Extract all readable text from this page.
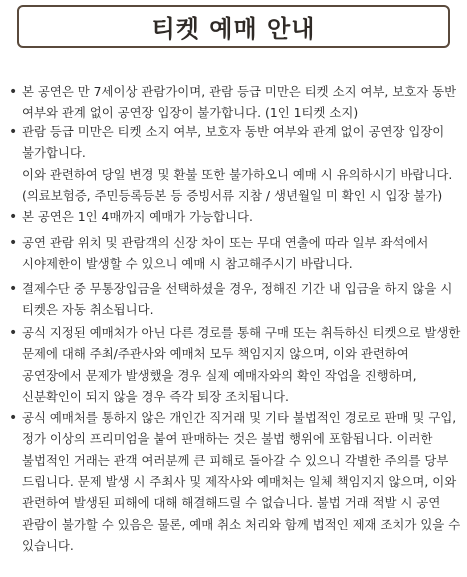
티켓 예매 안내
• 본 공연은 만 7세이상 관람가이며, 관람 등급 미만은 티켓 소지 여부, 보호자 동반
여부와 관계 없이 공연장 입장이 불가합니다. (1인 1티켓 소지)
• 관람 등급 미만은 티켓 소지 여부, 보호자 동반 여부와 관계 없이 공연장 입장이
불가합니다.
이와 관련하여 당일 변경 및 환불 또한 불가하오니 예매 시 유의하시기 바랍니다.
(의료보험증, 주민등록등본 등 증빙서류 지참 / 생년월일 미 확인 시 입장 불가)
• 본 공연은 1인 4매까지 예매가 가능합니다.
• 공연 관람 위치 및 관람객의 신장 차이 또는 무대 연출에 따라 일부 좌석에서
시야제한이 발생할 수 있으니 예매 시 참고해주시기 바랍니다.
• 결제수단 중 무통장입금을 선택하셨을 경우, 정해진 기간 내 입금을 하지 않을 시
티켓은 자동 취소됩니다.
• 공식 지정된 예매처가 아닌 다른 경로를 통해 구매 또는 취득하신 티켓으로 발생한
문제에 대해 주최/주관사와 예매처 모두 책임지지 않으며, 이와 관련하여
공연장에서 문제가 발생했을 경우 실제 예매자와의 확인 작업을 진행하며,
신분확인이 되지 않을 경우 즉각 퇴장 조치됩니다.
• 공식 예매처를 통하지 않은 개인간 직거래 및 기타 불법적인 경로로 판매 및 구입,
정가 이상의 프리미엄을 붙여 판매하는 것은 불법 행위에 포함됩니다. 이러한
불법적인 거래는 관객 여러분께 큰 피해로 돌아갈 수 있으니 각별한 주의를 당부
드립니다. 문제 발생 시 주최사 및 제작사와 예매처는 일체 책임지지 않으며, 이와
관련하여 발생된 피해에 대해 해결해드릴 수 없습니다. 불법 거래 적발 시 공연
관람이 불가할 수 있음은 물론, 예매 취소 처리와 함께 법적인 제재 조치가 있을 수
있습니다.
